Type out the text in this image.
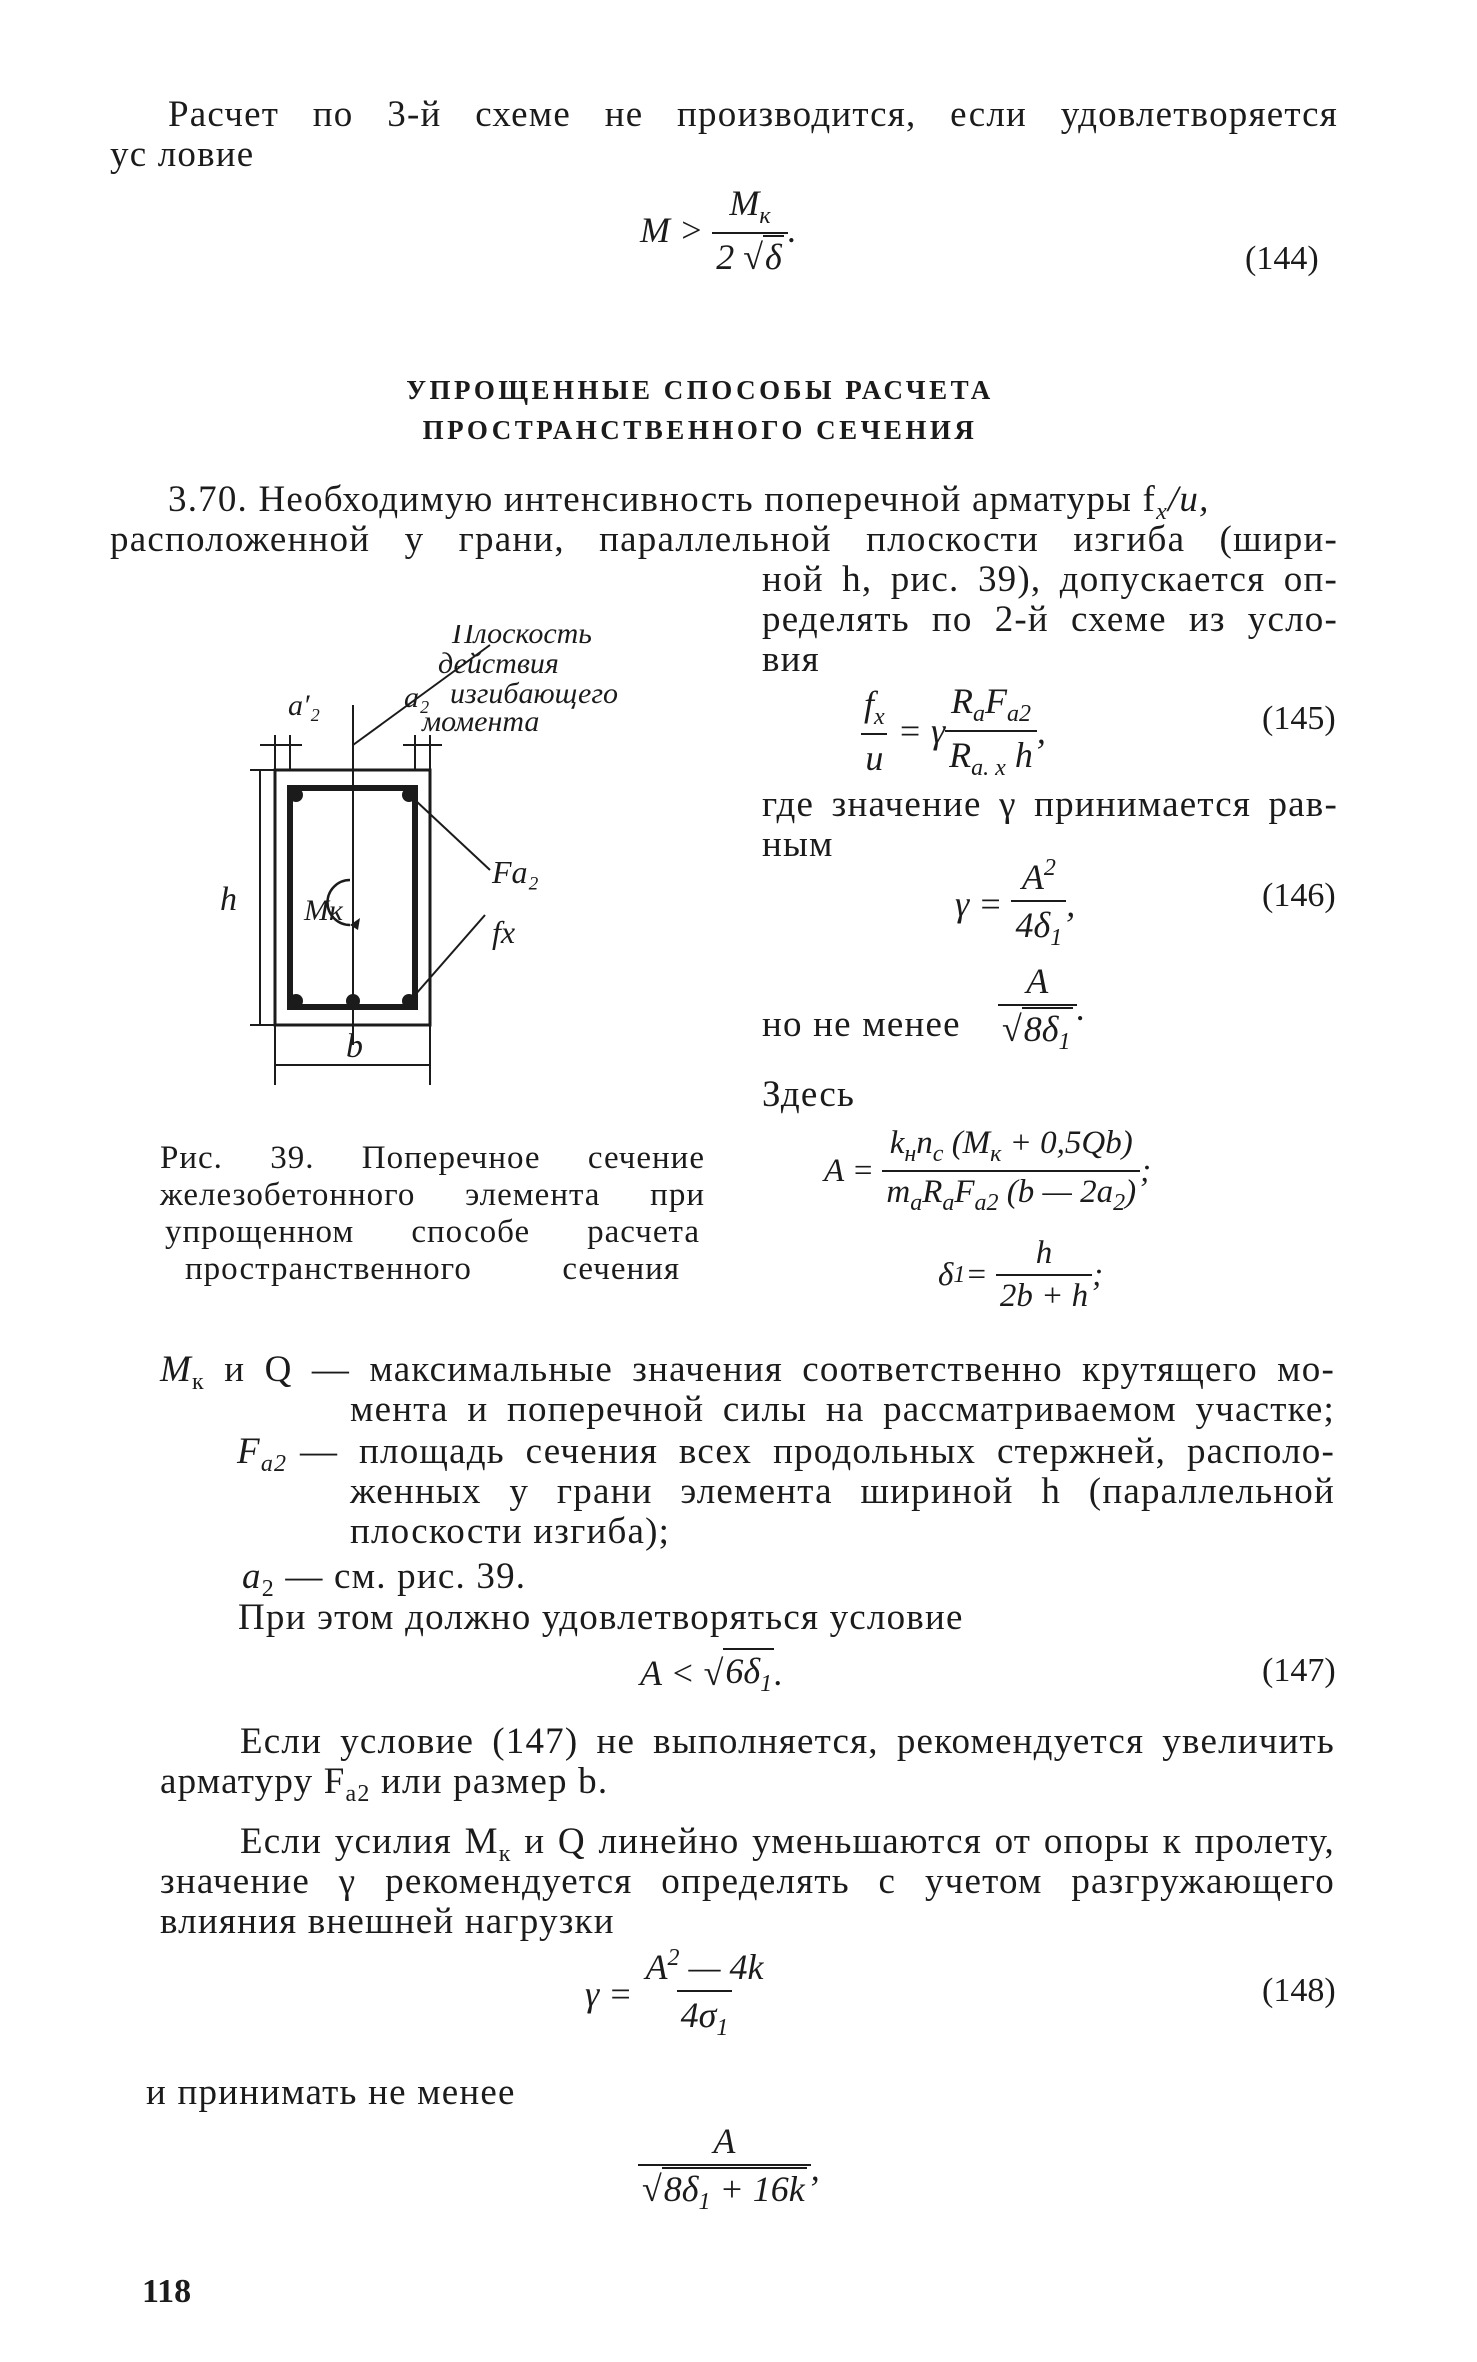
Расчет по 3-й схеме не производится, если удовлетворяется
ус ловие
M >
$\frac{M_к}{2 √\delta}$ .
(144)
УПРОЩЕННЫЕ СПОСОБЫ РАСЧЕТА
ПРОСТРАНСТВЕННОГО СЕЧЕНИЯ
3.70. Необходимую интенсивность поперечной арматуры $f_x/u$,
расположенной у грани, параллельной плоскости изгиба (шири-
ной h, рис. 39), допускается оп-
ределять по 2-й схеме из усло-
вия
Плоскость
действия
изгибающего
момента
a′₂	a₂
h
b
Mк
Fa₂
fx
$\frac{f_x}{u}$
= γ $\frac{R_aF_{a2}}{R_{a. x} h}$ ,	(145)
где значение γ принимается рав-
ным
γ =
$\frac{A^2}{4\delta_1}$ ,	(146)
но не менее $\frac{A}{√8\delta_1}$ .
Здесь
A =
$\frac{k_нn_с (M_к + 0,5Qb)}{m_aR_aF_{a2} (b — 2a_2)}$ ;
δ 1 =
$\frac{h}{2b + h}$ ;
Рис. 39. Поперечное сечение
железобетонного элемента при
упрощенном способе расчета
пространственного сечения
$M_к$ и Q — максимальные значения соответственно крутящего мо-
мента и поперечной силы на рассматриваемом участке;
$F_{a2}$ — площадь сечения всех продольных стержней, располо-
женных у грани элемента шириной h (параллельной
плоскости изгиба);
$a_2$ — см. рис. 39.
При этом должно удовлетворяться условие
A < √ $6\delta_1$ .	(147)
Если условие (147) не выполняется, рекомендуется увеличить
арматуру $F_{a2}$ или размер b.
Если усилия $M_к$ и Q линейно уменьшаются от опоры к пролету,
значение γ рекомендуется определять с учетом разгружающего
влияния внешней нагрузки
γ =
$\frac{A^2 — 4k}{4\sigma_1}$	(148)
и принимать не менее
$\frac{A}{√8\delta_1 + 16k}$ ,
118
